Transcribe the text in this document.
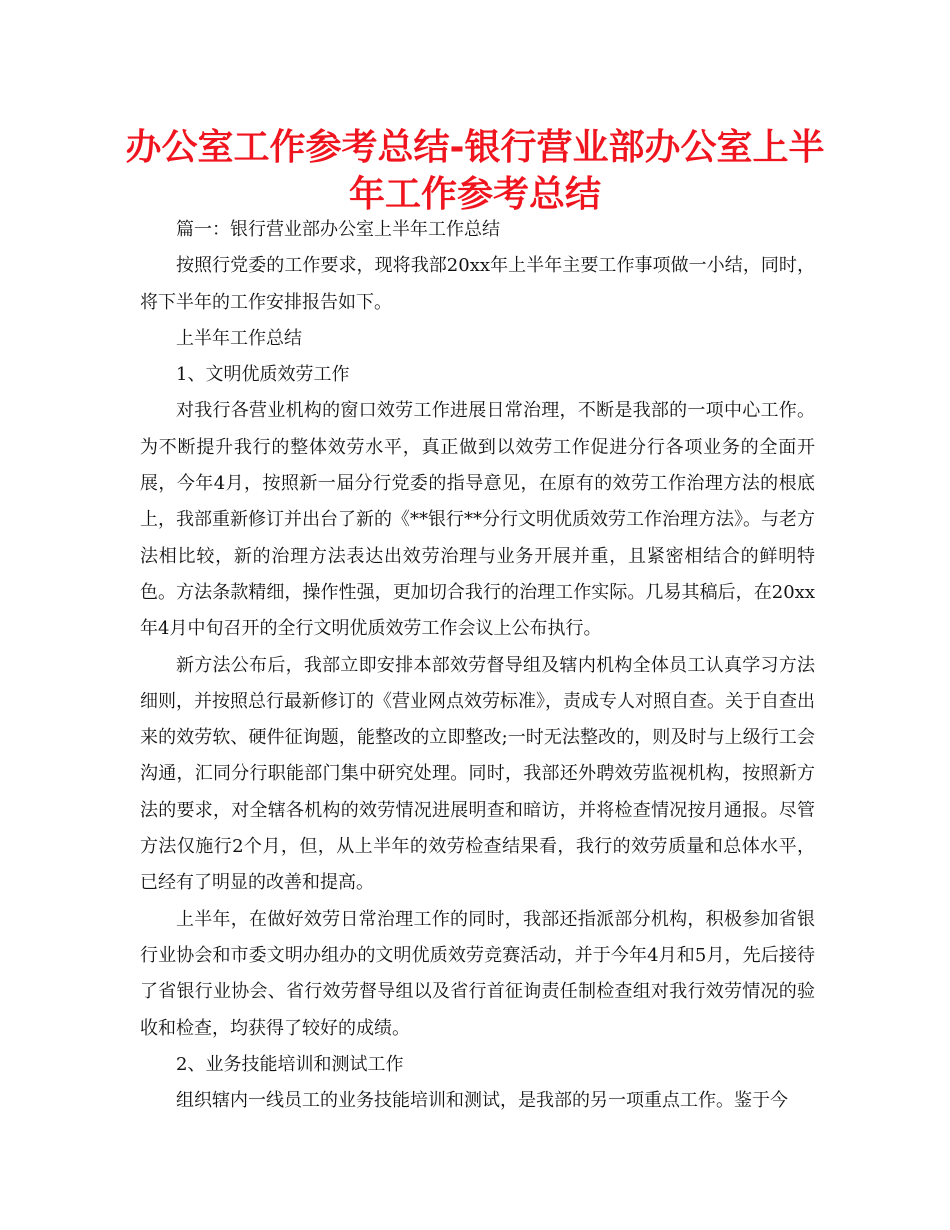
办公室工作参考总结-银行营业部办公室上半年工作参考总结

篇一：银行营业部办公室上半年工作总结

按照行党委的工作要求，现将我部20xx年上半年主要工作事项做一小结，同时，将下半年的工作安排报告如下。

上半年工作总结

1、文明优质效劳工作

对我行各营业机构的窗口效劳工作进展日常治理，不断是我部的一项中心工作。为不断提升我行的整体效劳水平，真正做到以效劳工作促进分行各项业务的全面开展，今年4月，按照新一届分行党委的指导意见，在原有的效劳工作治理方法的根底上，我部重新修订并出台了新的《**银行**分行文明优质效劳工作治理方法》。与老方法相比较，新的治理方法表达出效劳治理与业务开展并重，且紧密相结合的鲜明特色。方法条款精细，操作性强，更加切合我行的治理工作实际。几易其稿后，在20xx年4月中旬召开的全行文明优质效劳工作会议上公布执行。

新方法公布后，我部立即安排本部效劳督导组及辖内机构全体员工认真学习方法细则，并按照总行最新修订的《营业网点效劳标准》，责成专人对照自查。关于自查出来的效劳软、硬件征询题，能整改的立即整改;一时无法整改的，则及时与上级行工会沟通，汇同分行职能部门集中研究处理。同时，我部还外聘效劳监视机构，按照新方法的要求，对全辖各机构的效劳情况进展明查和暗访，并将检查情况按月通报。尽管方法仅施行2个月，但，从上半年的效劳检查结果看，我行的效劳质量和总体水平，已经有了明显的改善和提高。

上半年，在做好效劳日常治理工作的同时，我部还指派部分机构，积极参加省银行业协会和市委文明办组办的文明优质效劳竞赛活动，并于今年4月和5月，先后接待了省银行业协会、省行效劳督导组以及省行首征询责任制检查组对我行效劳情况的验收和检查，均获得了较好的成绩。

2、业务技能培训和测试工作

组织辖内一线员工的业务技能培训和测试，是我部的另一项重点工作。鉴于今
